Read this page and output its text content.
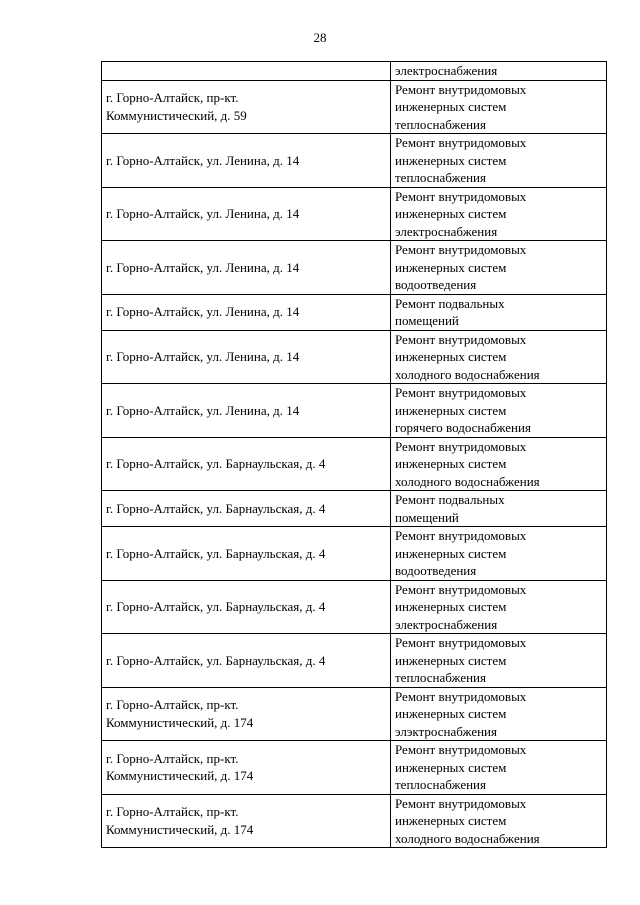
28

	электроснабжения

г. Горно-Алтайск, пр-кт.
Коммунистический, д. 59	Ремонт внутридомовых
инженерных систем
теплоснабжения

г. Горно-Алтайск, ул. Ленина, д. 14	Ремонт внутридомовых
инженерных систем
теплоснабжения

г. Горно-Алтайск, ул. Ленина, д. 14	Ремонт внутридомовых
инженерных систем
электроснабжения

г. Горно-Алтайск, ул. Ленина, д. 14	Ремонт внутридомовых
инженерных систем
водоотведения

г. Горно-Алтайск, ул. Ленина, д. 14	Ремонт подвальных
помещений

г. Горно-Алтайск, ул. Ленина, д. 14	Ремонт внутридомовых
инженерных систем
холодного водоснабжения

г. Горно-Алтайск, ул. Ленина, д. 14	Ремонт внутридомовых
инженерных систем
горячего водоснабжения

г. Горно-Алтайск, ул. Барнаульская, д. 4	Ремонт внутридомовых
инженерных систем
холодного водоснабжения

г. Горно-Алтайск, ул. Барнаульская, д. 4	Ремонт подвальных
помещений

г. Горно-Алтайск, ул. Барнаульская, д. 4	Ремонт внутридомовых
инженерных систем
водоотведения

г. Горно-Алтайск, ул. Барнаульская, д. 4	Ремонт внутридомовых
инженерных систем
электроснабжения

г. Горно-Алтайск, ул. Барнаульская, д. 4	Ремонт внутридомовых
инженерных систем
теплоснабжения

г. Горно-Алтайск, пр-кт.
Коммунистический, д. 174	Ремонт внутридомовых
инженерных систем
элэктроснабжения

г. Горно-Алтайск, пр-кт.
Коммунистический, д. 174	Ремонт внутридомовых
инженерных систем
теплоснабжения

г. Горно-Алтайск, пр-кт.
Коммунистический, д. 174	Ремонт внутридомовых
инженерных систем
холодного водоснабжения
